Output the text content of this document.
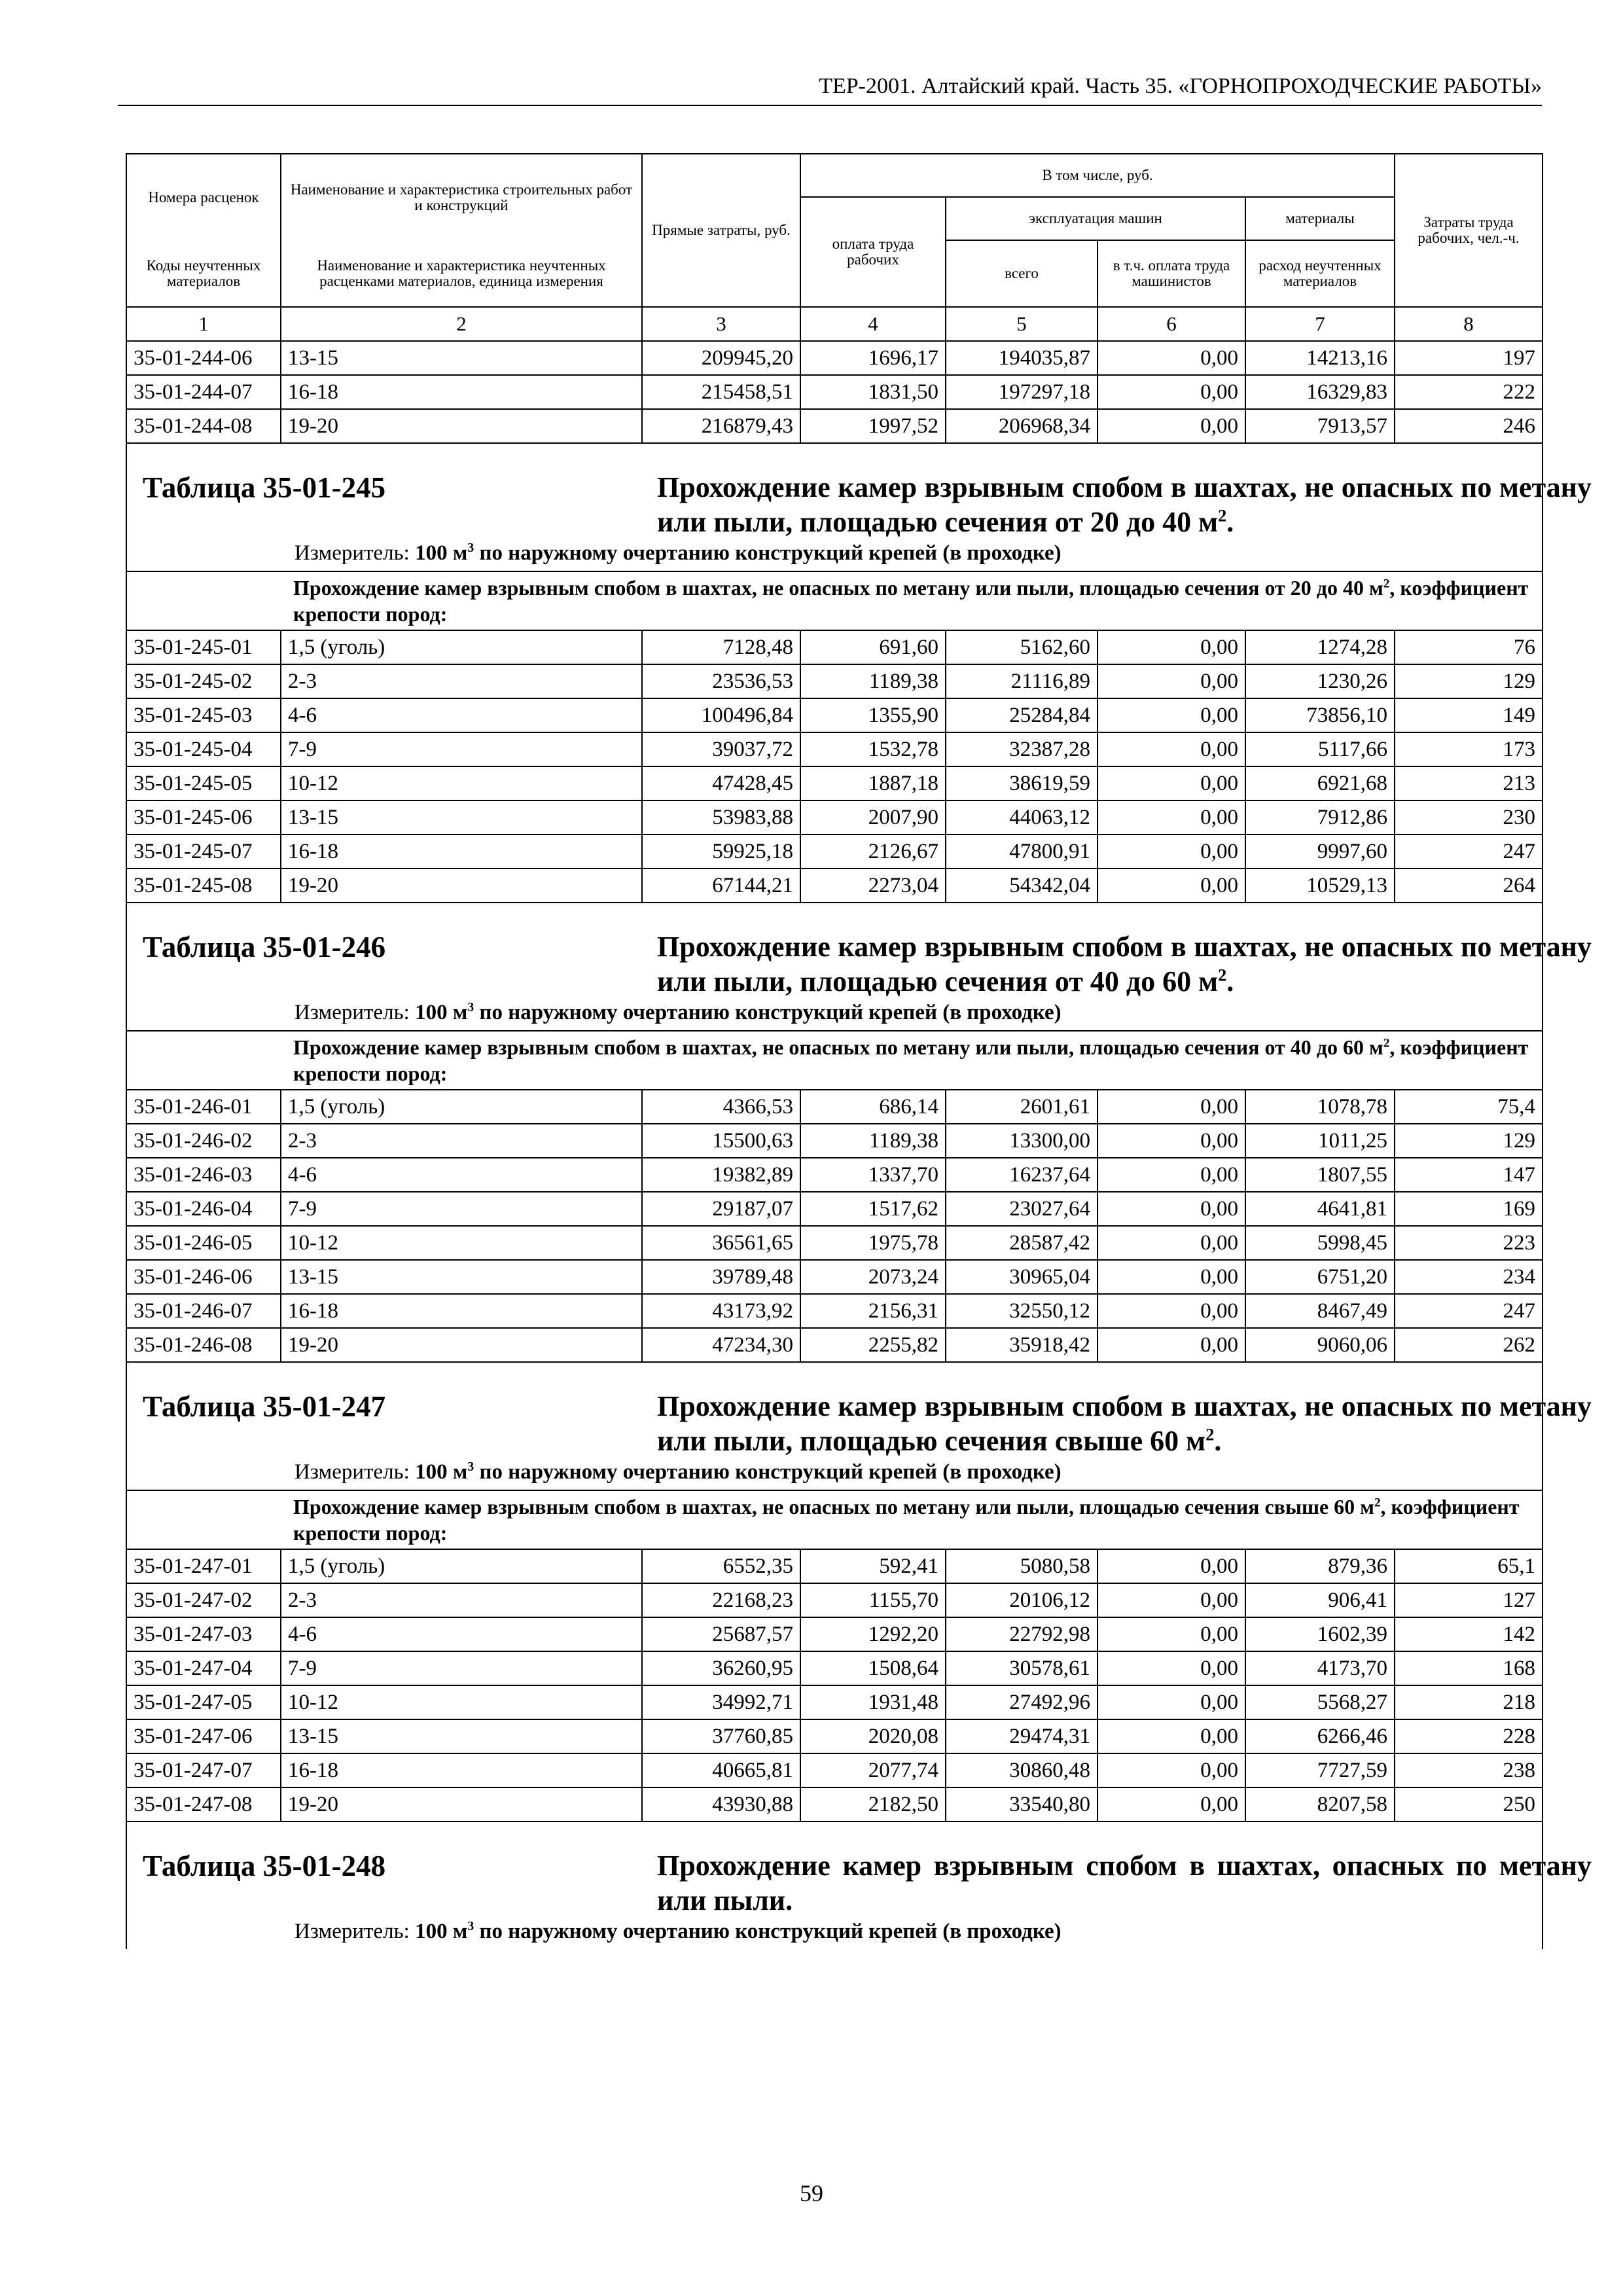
ТЕР-2001. Алтайский край. Часть 35. «ГОРНОПРОХОДЧЕСКИЕ РАБОТЫ»
Номера расценок	Наименование и характеристика строительных работ и конструкций	Прямые затраты, руб.	В том числе, руб.				Затраты труда рабочих, чел.-ч.
			оплата труда рабочих	эксплуатация машин		материалы	
Коды неучтенных материалов	Наименование и характеристика неучтенных расценками материалов, единица измерения			всего	в т.ч. оплата труда машинистов	расход неучтенных материалов	
1	2	3	4	5	6	7	8
35-01-244-06	13-15	209945,20	1696,17	194035,87	0,00	14213,16	197
35-01-244-07	16-18	215458,51	1831,50	197297,18	0,00	16329,83	222
35-01-244-08	19-20	216879,43	1997,52	206968,34	0,00	7913,57	246

Таблица 35-01-245 Прохождение камер взрывным спобом в шахтах, не опасных по метану или пыли, площадью сечения от 20 до 40 $м^2$.
Измеритель: 100 $м^3$ по наружному очертанию конструкций крепей (в проходке)							

Прохождение камер взрывным спобом в шахтах, не опасных по метану или пыли, площадью сечения от 20 до 40 $м^2$, коэффициент крепости пород:							
35-01-245-01	1,5 (уголь)	7128,48	691,60	5162,60	0,00	1274,28	76
35-01-245-02	2-3	23536,53	1189,38	21116,89	0,00	1230,26	129
35-01-245-03	4-6	100496,84	1355,90	25284,84	0,00	73856,10	149
35-01-245-04	7-9	39037,72	1532,78	32387,28	0,00	5117,66	173
35-01-245-05	10-12	47428,45	1887,18	38619,59	0,00	6921,68	213
35-01-245-06	13-15	53983,88	2007,90	44063,12	0,00	7912,86	230
35-01-245-07	16-18	59925,18	2126,67	47800,91	0,00	9997,60	247
35-01-245-08	19-20	67144,21	2273,04	54342,04	0,00	10529,13	264

Таблица 35-01-246 Прохождение камер взрывным спобом в шахтах, не опасных по метану или пыли, площадью сечения от 40 до 60 $м^2$.
Измеритель: 100 $м^3$ по наружному очертанию конструкций крепей (в проходке)							

Прохождение камер взрывным спобом в шахтах, не опасных по метану или пыли, площадью сечения от 40 до 60 $м^2$, коэффициент крепости пород:							
35-01-246-01	1,5 (уголь)	4366,53	686,14	2601,61	0,00	1078,78	75,4
35-01-246-02	2-3	15500,63	1189,38	13300,00	0,00	1011,25	129
35-01-246-03	4-6	19382,89	1337,70	16237,64	0,00	1807,55	147
35-01-246-04	7-9	29187,07	1517,62	23027,64	0,00	4641,81	169
35-01-246-05	10-12	36561,65	1975,78	28587,42	0,00	5998,45	223
35-01-246-06	13-15	39789,48	2073,24	30965,04	0,00	6751,20	234
35-01-246-07	16-18	43173,92	2156,31	32550,12	0,00	8467,49	247
35-01-246-08	19-20	47234,30	2255,82	35918,42	0,00	9060,06	262

Таблица 35-01-247 Прохождение камер взрывным спобом в шахтах, не опасных по метану или пыли, площадью сечения свыше 60 $м^2$.
Измеритель: 100 $м^3$ по наружному очертанию конструкций крепей (в проходке)							

Прохождение камер взрывным спобом в шахтах, не опасных по метану или пыли, площадью сечения свыше 60 $м^2$, коэффициент крепости пород:							
35-01-247-01	1,5 (уголь)	6552,35	592,41	5080,58	0,00	879,36	65,1
35-01-247-02	2-3	22168,23	1155,70	20106,12	0,00	906,41	127
35-01-247-03	4-6	25687,57	1292,20	22792,98	0,00	1602,39	142
35-01-247-04	7-9	36260,95	1508,64	30578,61	0,00	4173,70	168
35-01-247-05	10-12	34992,71	1931,48	27492,96	0,00	5568,27	218
35-01-247-06	13-15	37760,85	2020,08	29474,31	0,00	6266,46	228
35-01-247-07	16-18	40665,81	2077,74	30860,48	0,00	7727,59	238
35-01-247-08	19-20	43930,88	2182,50	33540,80	0,00	8207,58	250

Таблица 35-01-248 Прохождение камер взрывным спобом в шахтах, опасных по метану или пыли.
Измеритель: 100 $м^3$ по наружному очертанию конструкций крепей (в проходке)							
59
